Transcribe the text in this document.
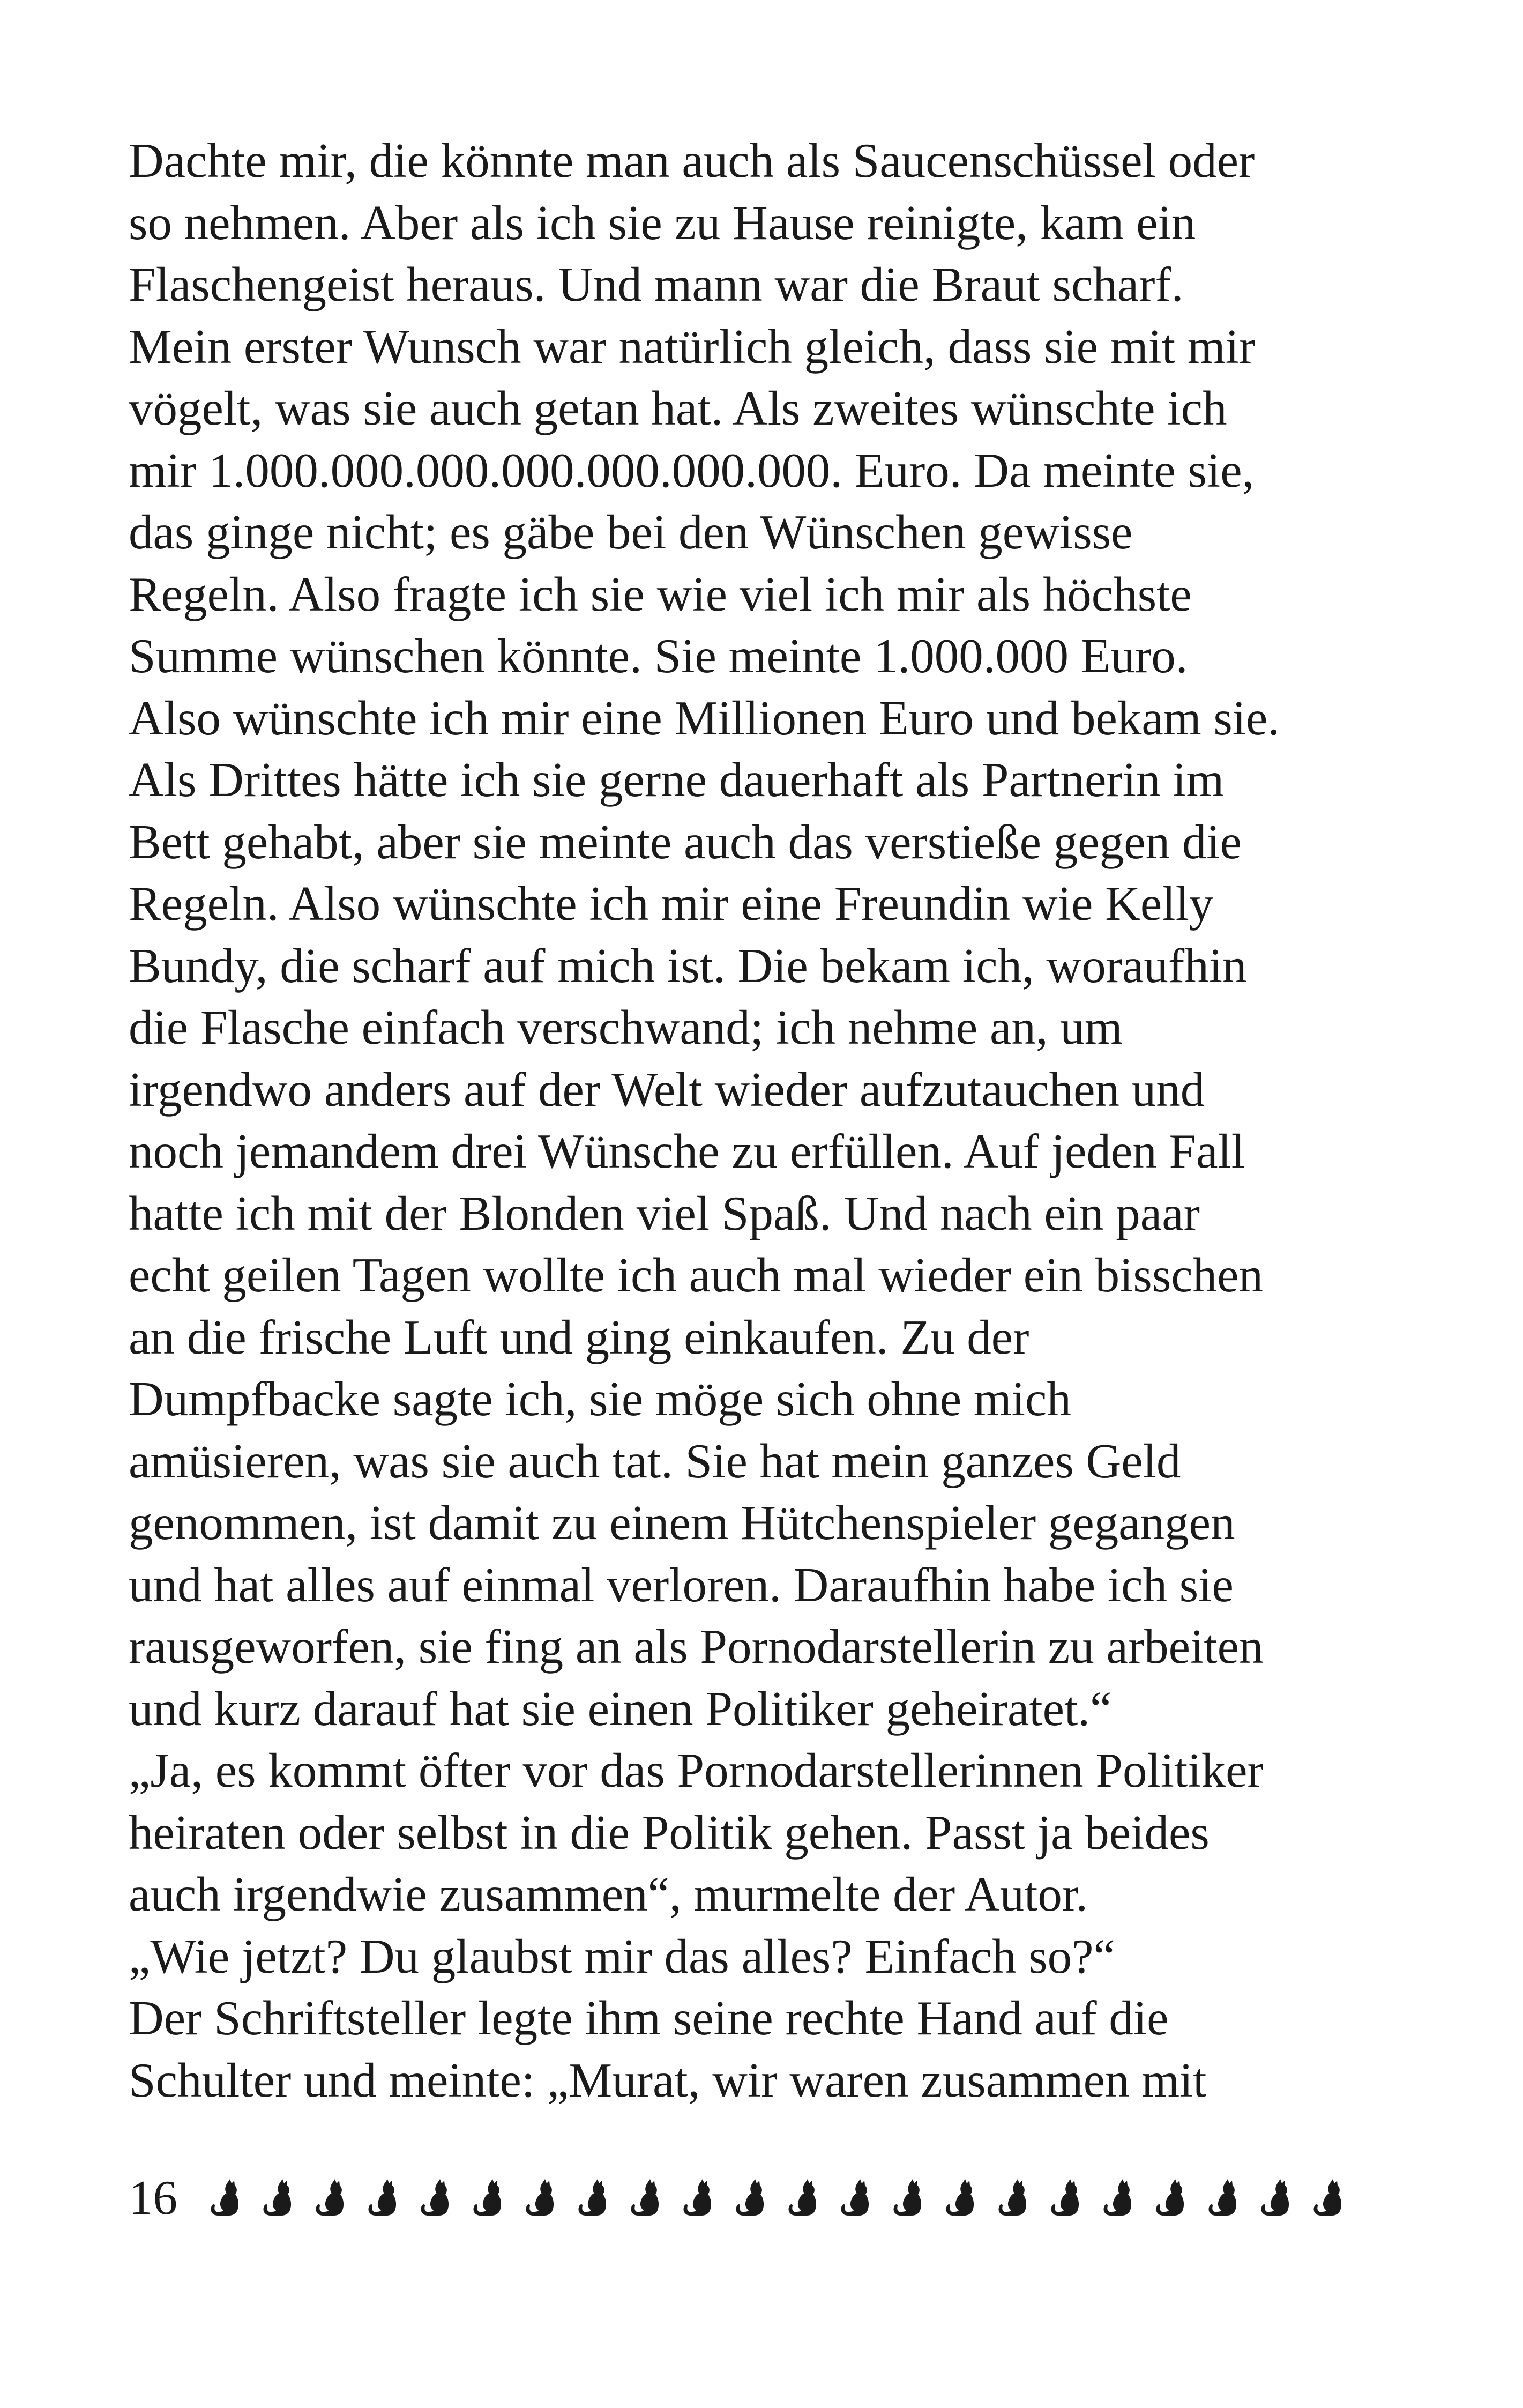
Dachte mir, die könnte man auch als Saucenschüssel oder
so nehmen. Aber als ich sie zu Hause reinigte, kam ein
Flaschengeist heraus. Und mann war die Braut scharf.
Mein erster Wunsch war natürlich gleich, dass sie mit mir
vögelt, was sie auch getan hat. Als zweites wünschte ich
mir 1.000.000.000.000.000.000.000. Euro. Da meinte sie,
das ginge nicht; es gäbe bei den Wünschen gewisse
Regeln. Also fragte ich sie wie viel ich mir als höchste
Summe wünschen könnte. Sie meinte 1.000.000 Euro.
Also wünschte ich mir eine Millionen Euro und bekam sie.
Als Drittes hätte ich sie gerne dauerhaft als Partnerin im
Bett gehabt, aber sie meinte auch das verstieße gegen die
Regeln. Also wünschte ich mir eine Freundin wie Kelly
Bundy, die scharf auf mich ist. Die bekam ich, woraufhin
die Flasche einfach verschwand; ich nehme an, um
irgendwo anders auf der Welt wieder aufzutauchen und
noch jemandem drei Wünsche zu erfüllen. Auf jeden Fall
hatte ich mit der Blonden viel Spaß. Und nach ein paar
echt geilen Tagen wollte ich auch mal wieder ein bisschen
an die frische Luft und ging einkaufen. Zu der
Dumpfbacke sagte ich, sie möge sich ohne mich
amüsieren, was sie auch tat. Sie hat mein ganzes Geld
genommen, ist damit zu einem Hütchenspieler gegangen
und hat alles auf einmal verloren. Daraufhin habe ich sie
rausgeworfen, sie fing an als Pornodarstellerin zu arbeiten
und kurz darauf hat sie einen Politiker geheiratet.“
„Ja, es kommt öfter vor das Pornodarstellerinnen Politiker
heiraten oder selbst in die Politik gehen. Passt ja beides
auch irgendwie zusammen“, murmelte der Autor.
„Wie jetzt? Du glaubst mir das alles? Einfach so?“
Der Schriftsteller legte ihm seine rechte Hand auf die
Schulter und meinte: „Murat, wir waren zusammen mit
16
